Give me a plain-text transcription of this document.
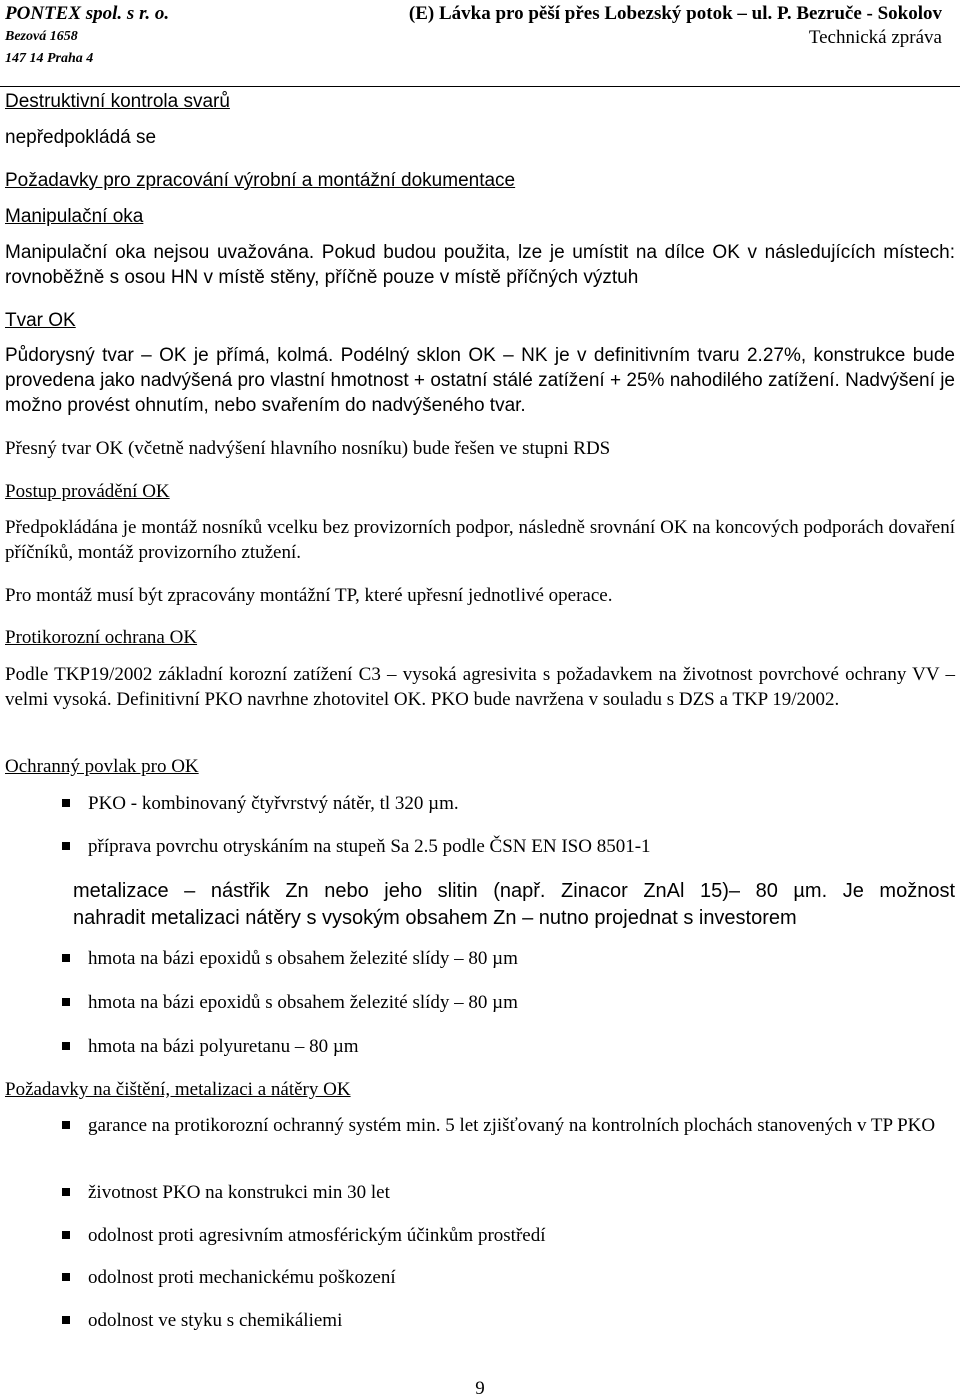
PONTEX spol. s r. o.
Bezová 1658
147 14 Praha 4
(E) Lávka pro pěší přes Lobezský potok – ul. P. Bezruče - Sokolov
Technická zpráva
Destruktivní kontrola svarů
nepředpokládá se
Požadavky pro zpracování výrobní a montážní dokumentace
Manipulační oka
Manipulační oka nejsou uvažována. Pokud budou použita, lze je umístit na dílce OK v následujících místech: rovnoběžně s osou HN v místě stěny, příčně pouze v místě příčných výztuh
Tvar OK
Půdorysný tvar – OK je přímá, kolmá. Podélný sklon OK – NK je v definitivním tvaru 2.27%, konstrukce bude provedena jako nadvýšená pro vlastní hmotnost + ostatní stálé zatížení + 25% nahodilého zatížení. Nadvýšení je možno provést ohnutím, nebo svařením do nadvýšeného tvar.
Přesný tvar OK (včetně nadvýšení hlavního nosníku) bude řešen ve stupni RDS
Postup provádění OK
Předpokládána je montáž nosníků vcelku bez provizorních podpor, následně srovnání OK na koncových podporách dovaření příčníků, montáž provizorního ztužení.
Pro montáž musí být zpracovány montážní TP, které upřesní jednotlivé operace.
Protikorozní ochrana OK
Podle TKP19/2002 základní korozní zatížení C3 – vysoká agresivita s požadavkem na životnost povrchové ochrany VV – velmi vysoká. Definitivní PKO navrhne zhotovitel OK. PKO bude navržena v souladu s DZS a TKP 19/2002.
Ochranný povlak pro OK
PKO - kombinovaný čtyřvrstvý nátěr, tl 320 µm.
příprava povrchu otryskáním na stupeň Sa 2.5 podle ČSN EN ISO 8501-1
metalizace – nástřik Zn nebo jeho slitin (např. Zinacor ZnAl 15)– 80 µm. Je možnost
nahradit metalizaci nátěry s vysokým obsahem Zn – nutno projednat s investorem
hmota na bázi epoxidů s obsahem železité slídy – 80 µm
hmota na bázi epoxidů s obsahem železité slídy – 80 µm
hmota na bázi polyuretanu – 80 µm
Požadavky na čištění, metalizaci a nátěry OK
garance na protikorozní ochranný systém min. 5 let zjišťovaný na kontrolních plochách stanovených v TP PKO
životnost PKO na konstrukci min 30 let
odolnost proti agresivním atmosférickým účinkům prostředí
odolnost proti mechanickému poškození
odolnost ve styku s chemikáliemi
9
